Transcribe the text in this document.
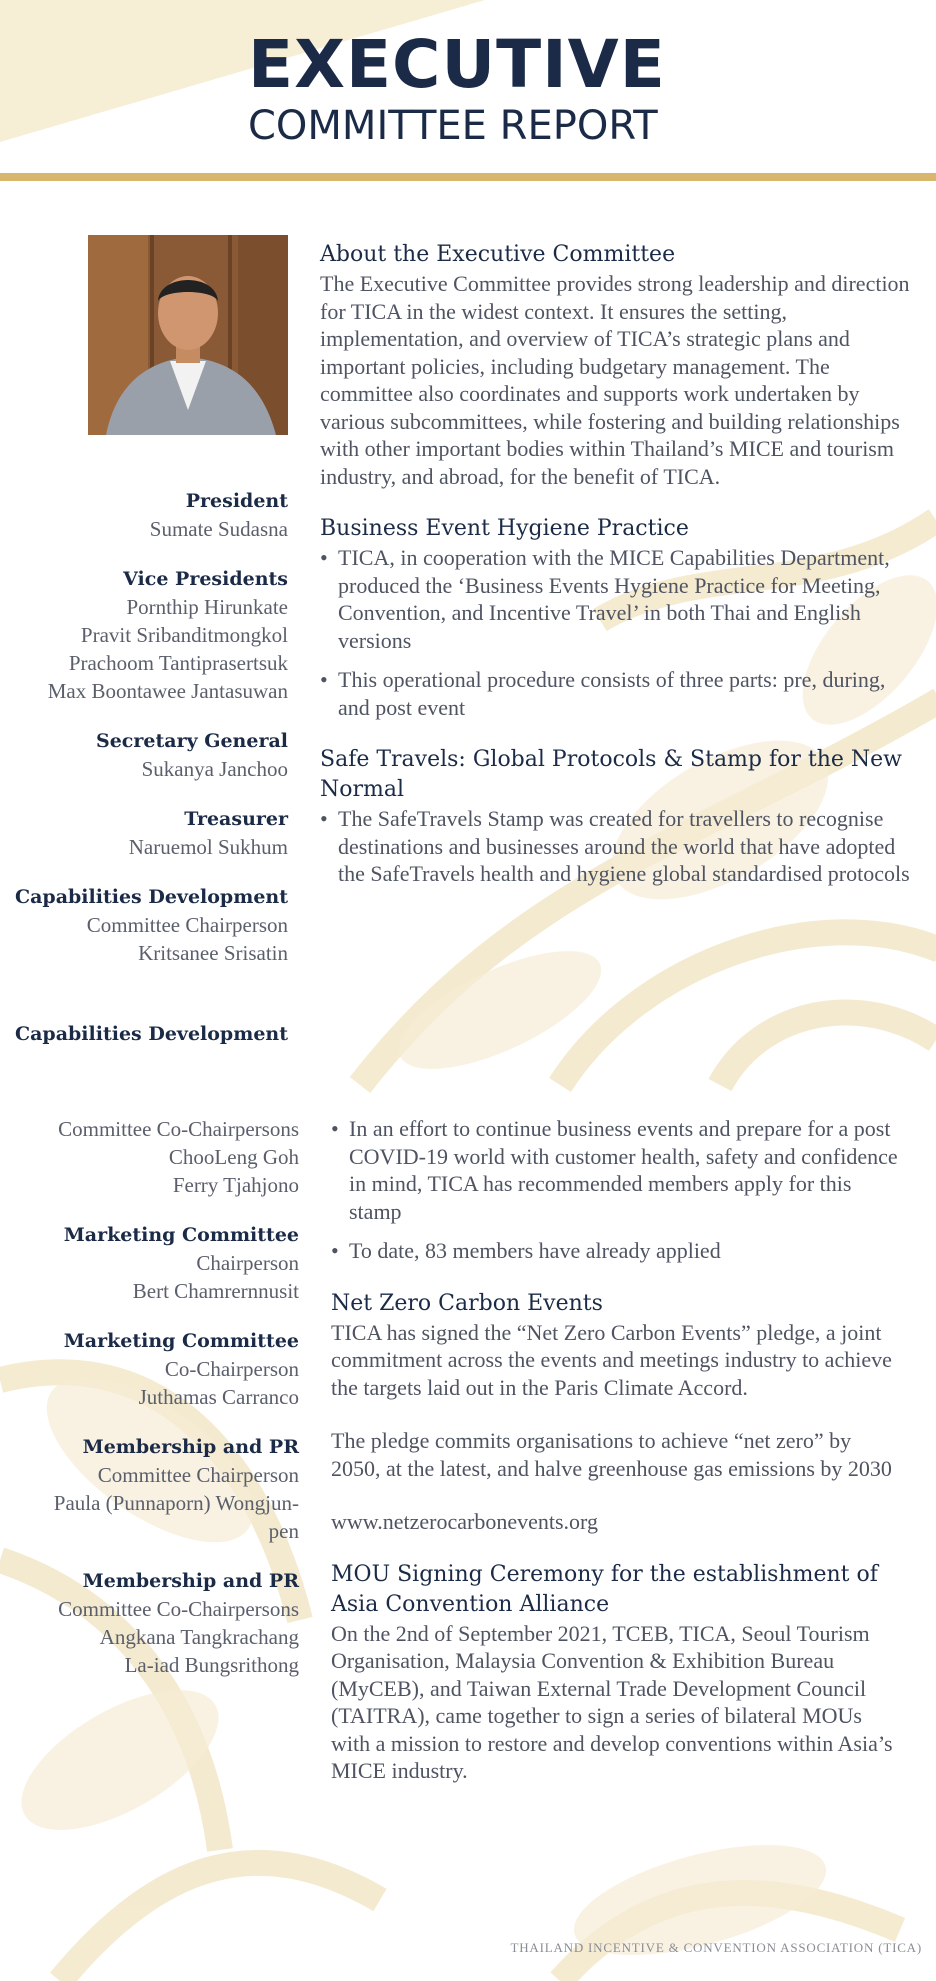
EXECUTIVE
COMMITTEE REPORT
President
Sumate Sudasna
Vice Presidents
Pornthip Hirunkate
Pravit Sribanditmongkol
Prachoom Tantiprasertsuk
Max Boontawee Jantasuwan
Secretary General
Sukanya Janchoo
Treasurer
Naruemol Sukhum
Capabilities Development
Committee Chairperson
Kritsanee Srisatin
Capabilities Development
Committee Co-Chairpersons
ChooLeng Goh
Ferry Tjahjono
Marketing Committee
Chairperson
Bert Chamrernnusit
Marketing Committee
Co-Chairperson
Juthamas Carranco
Membership and PR
Committee Chairperson
Paula (Punnaporn) Wongjun-
pen
Membership and PR
Committee Co-Chairpersons
Angkana Tangkrachang
La-iad Bungsrithong
About the Executive Committee

The Executive Committee provides strong leadership and direction for TICA in the widest context. It ensures the setting, implementation, and overview of TICA’s strategic plans and important policies, including budgetary management. The committee also coordinates and supports work undertaken by various subcommittees, while fostering and building relationships with other important bodies within Thailand’s MICE and tourism industry, and abroad, for the benefit of TICA.

Business Event Hygiene Practice
• TICA, in cooperation with the MICE Capabilities Department, produced the ‘Business Events Hygiene Practice for Meeting, Convention, and Incentive Travel’ in both Thai and English versions
• This operational procedure consists of three parts: pre, during, and post event
Safe Travels: Global Protocols & Stamp for the New Normal
• The SafeTravels Stamp was created for travellers to recognise destinations and businesses around the world that have adopted the SafeTravels health and hygiene global standardised protocols
• In an effort to continue business events and prepare for a post COVID-19 world with customer health, safety and confidence in mind, TICA has recommended members apply for this stamp
• To date, 83 members have already applied
Net Zero Carbon Events

TICA has signed the “Net Zero Carbon Events” pledge, a joint commitment across the events and meetings industry to achieve the targets laid out in the Paris Climate Accord.

The pledge commits organisations to achieve “net zero” by 2050, at the latest, and halve greenhouse gas emissions by 2030

www.netzerocarbonevents.org

MOU Signing Ceremony for the establishment of Asia Convention Alliance

On the 2nd of September 2021, TCEB, TICA, Seoul Tourism Organisation, Malaysia Convention & Exhibition Bureau (MyCEB), and Taiwan External Trade Development Council (TAITRA), came together to sign a series of bilateral MOUs with a mission to restore and develop conventions within Asia’s MICE industry.

THAILAND INCENTIVE & CONVENTION ASSOCIATION (TICA)
